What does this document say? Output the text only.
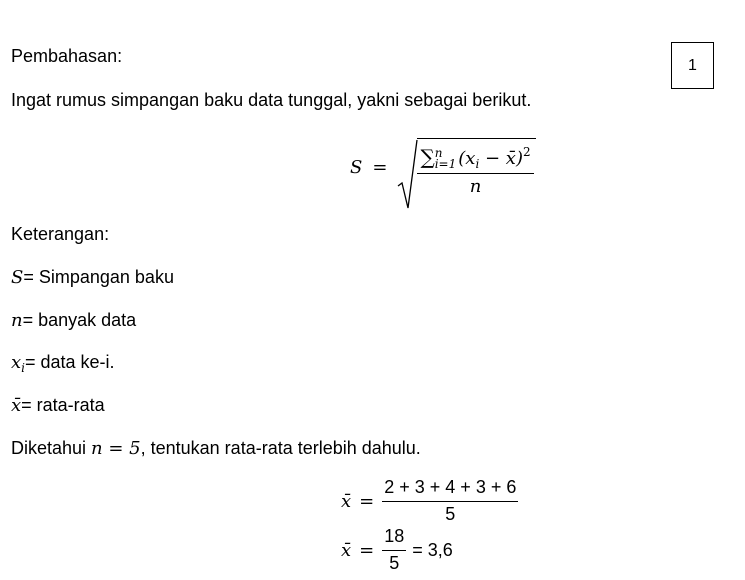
1
Pembahasan:
Ingat rumus simpangan baku data tunggal, yakni sebagai berikut.
S = ∑ n
i=1 ($x_i$ − x̄)$^2$
n
Keterangan:
S= Simpangan baku
n= banyak data
$x_i=$ data ke-i.
x̄= rata-rata
Diketahui n = 5, tentukan rata-rata terlebih dahulu.
x̄ = $\frac{2 + 3 + 4 + 3 + 6}{5}$
x̄ = $\frac{18}{5} = 3,6$
